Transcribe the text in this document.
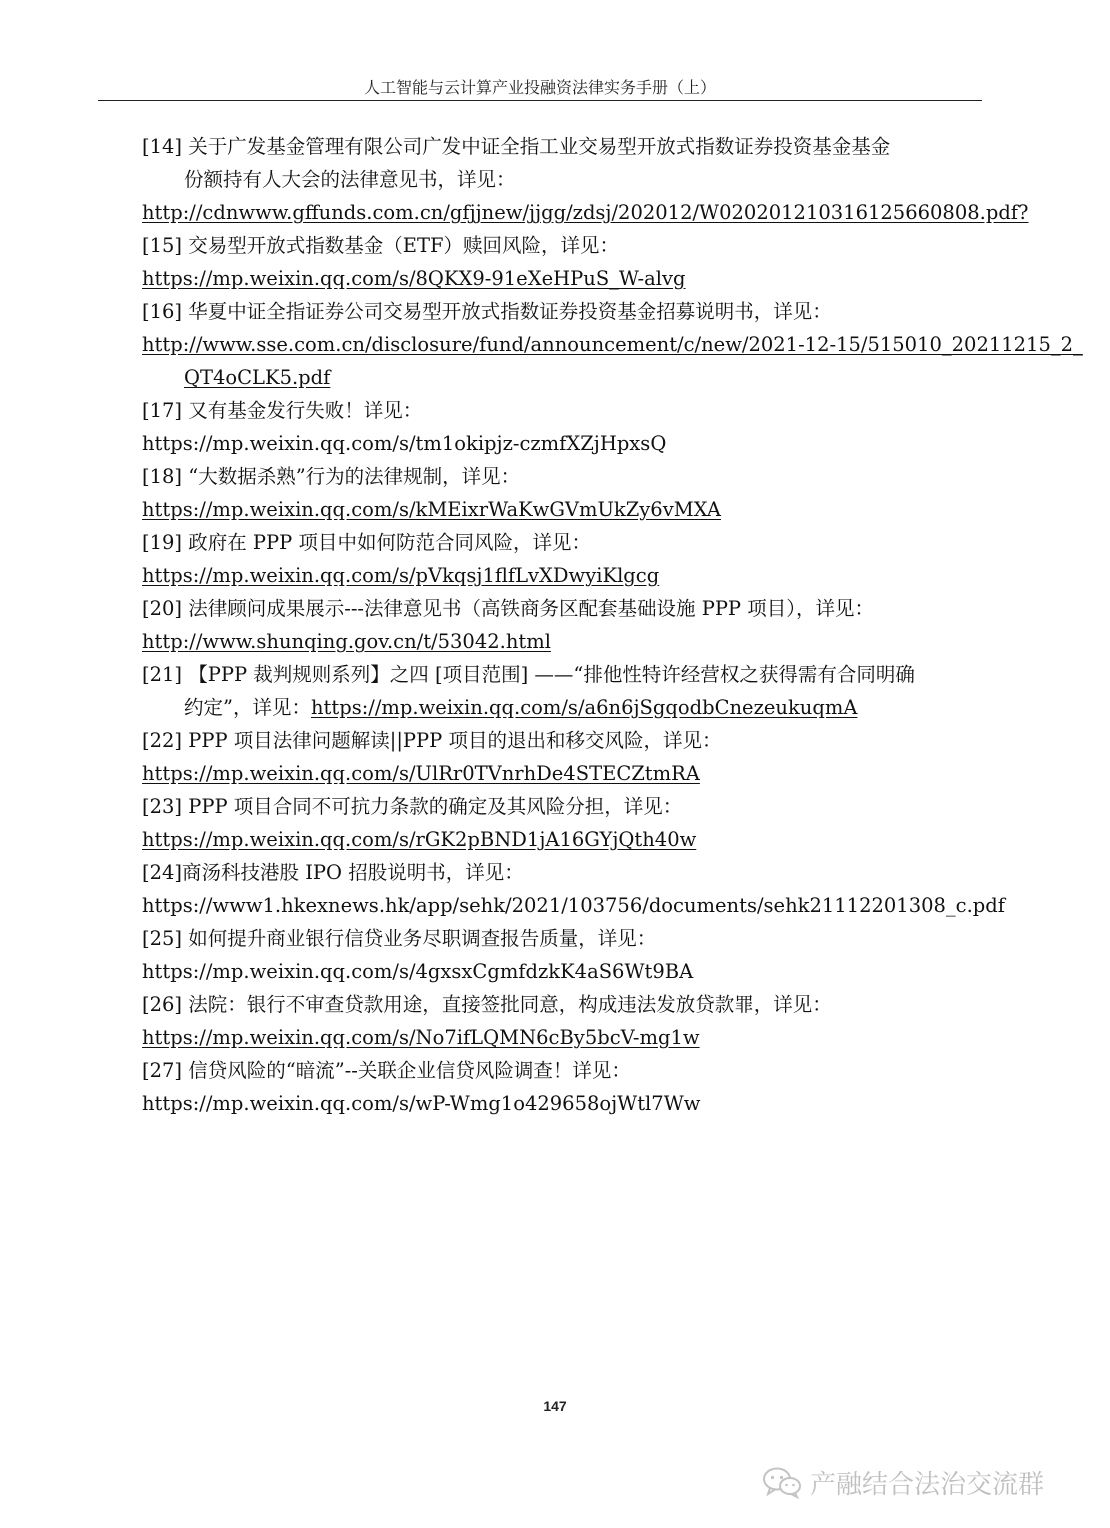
人工智能与云计算产业投融资法律实务手册（上）
[14] 关于广发基金管理有限公司广发中证全指工业交易型开放式指数证券投资基金基金
份额持有人大会的法律意见书，详见：
http://cdnwww.gffunds.com.cn/gfjjnew/jjgg/zdsj/202012/W020201210316125660808.pdf?
[15] 交易型开放式指数基金（ETF）赎回风险，详见：
https://mp.weixin.qq.com/s/8QKX9-91eXeHPuS_W-alvg
[16] 华夏中证全指证券公司交易型开放式指数证券投资基金招募说明书，详见：
http://www.sse.com.cn/disclosure/fund/announcement/c/new/2021-12-15/515010_20211215_2_
QT4oCLK5.pdf
[17] 又有基金发行失败！详见：
https://mp.weixin.qq.com/s/tm1okipjz-czmfXZjHpxsQ
[18] “大数据杀熟”行为的法律规制，详见：
https://mp.weixin.qq.com/s/kMEixrWaKwGVmUkZy6vMXA
[19] 政府在 PPP 项目中如何防范合同风险，详见：
https://mp.weixin.qq.com/s/pVkqsj1flfLvXDwyiKlgcg
[20] 法律顾问成果展示---法律意见书（高铁商务区配套基础设施 PPP 项目），详见：
http://www.shunqing.gov.cn/t/53042.html
[21] 【PPP 裁判规则系列】之四 [项目范围] ——“排他性特许经营权之获得需有合同明确
约定”，详见：https://mp.weixin.qq.com/s/a6n6jSgqodbCnezeukuqmA
[22] PPP 项目法律问题解读||PPP 项目的退出和移交风险，详见：
https://mp.weixin.qq.com/s/UlRr0TVnrhDe4STECZtmRA
[23] PPP 项目合同不可抗力条款的确定及其风险分担，详见：
https://mp.weixin.qq.com/s/rGK2pBND1jA16GYjQth40w
[24]商汤科技港股 IPO 招股说明书，详见：
https://www1.hkexnews.hk/app/sehk/2021/103756/documents/sehk21112201308_c.pdf
[25] 如何提升商业银行信贷业务尽职调查报告质量，详见：
https://mp.weixin.qq.com/s/4gxsxCgmfdzkK4aS6Wt9BA
[26] 法院：银行不审查贷款用途，直接签批同意，构成违法发放贷款罪，详见：
https://mp.weixin.qq.com/s/No7ifLQMN6cBy5bcV-mg1w
[27] 信贷风险的“暗流”--关联企业信贷风险调查！详见：
https://mp.weixin.qq.com/s/wP-Wmg1o429658ojWtl7Ww
147
产融结合法治交流群
